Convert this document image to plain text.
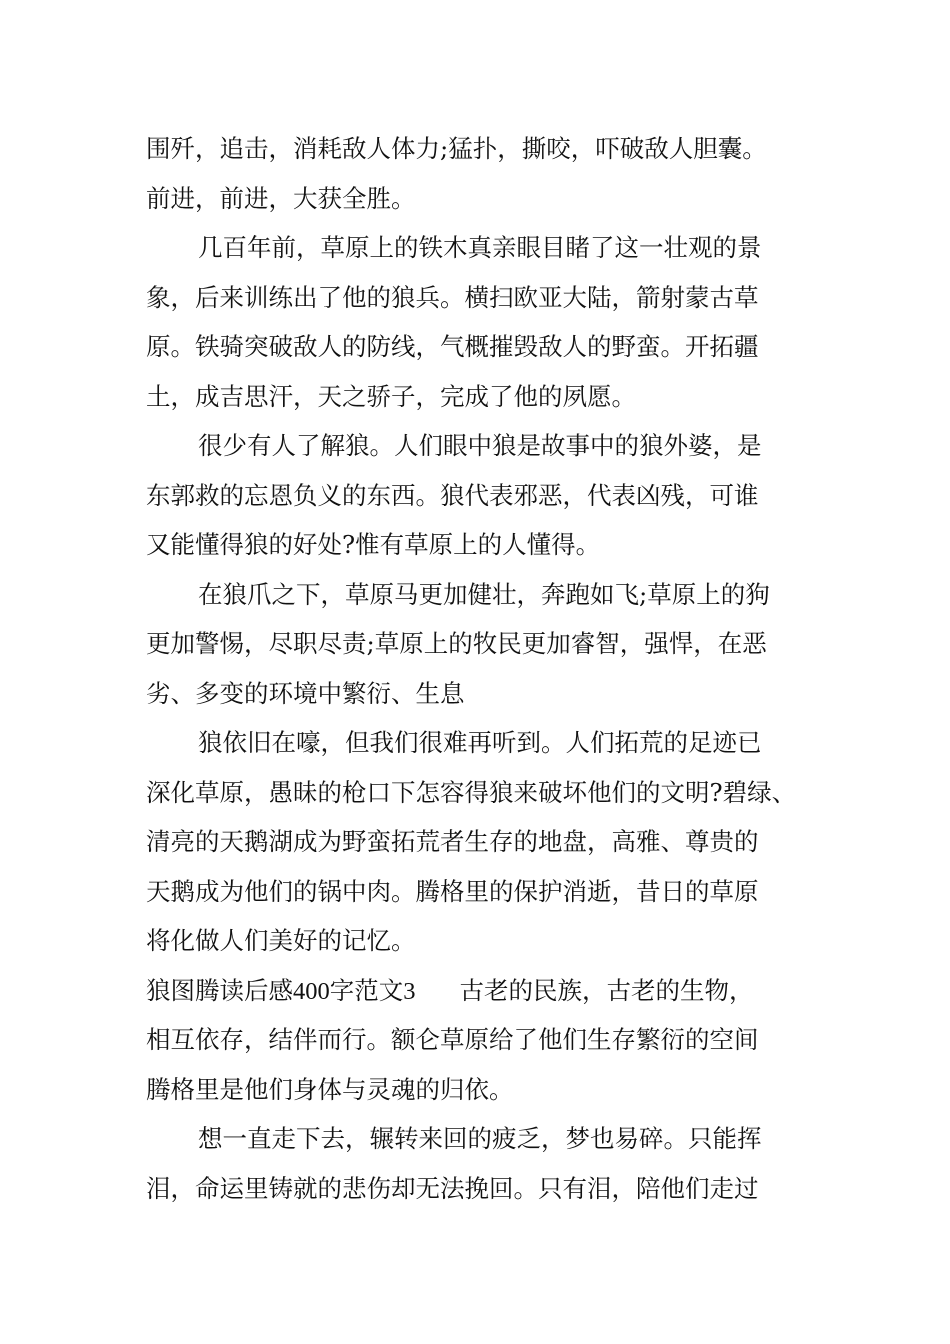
围歼，追击，消耗敌人体力;猛扑，撕咬，吓破敌人胆囊。
前进，前进，大获全胜。
几百年前，草原上的铁木真亲眼目睹了这一壮观的景
象，后来训练出了他的狼兵。横扫欧亚大陆，箭射蒙古草
原。铁骑突破敌人的防线，气概摧毁敌人的野蛮。开拓疆
土，成吉思汗，天之骄子，完成了他的夙愿。
很少有人了解狼。人们眼中狼是故事中的狼外婆，是
东郭救的忘恩负义的东西。狼代表邪恶，代表凶残，可谁
又能懂得狼的好处?惟有草原上的人懂得。
在狼爪之下，草原马更加健壮，奔跑如飞;草原上的狗
更加警惕，尽职尽责;草原上的牧民更加睿智，强悍，在恶
劣、多变的环境中繁衍、生息
狼依旧在嚎，但我们很难再听到。人们拓荒的足迹已
深化草原，愚昧的枪口下怎容得狼来破坏他们的文明?碧绿、
清亮的天鹅湖成为野蛮拓荒者生存的地盘，高雅、尊贵的
天鹅成为他们的锅中肉。腾格里的保护消逝，昔日的草原
将化做人们美好的记忆。
狼图腾读后感400字范文3 古老的民族，古老的生物，
相互依存，结伴而行。额仑草原给了他们生存繁衍的空间
腾格里是他们身体与灵魂的归依。
想一直走下去，辗转来回的疲乏，梦也易碎。只能挥
泪，命运里铸就的悲伤却无法挽回。只有泪，陪他们走过
